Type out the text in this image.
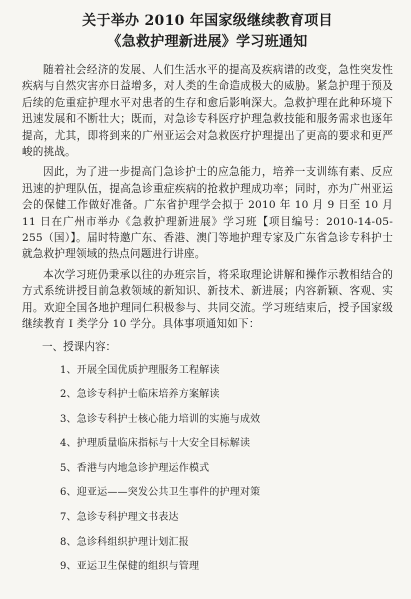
关于举办 2010 年国家级继续教育项目
《急救护理新进展》学习班通知

随着社会经济的发展、人们生活水平的提高及疾病谱的改变，急性突发性疾病与自然灾害亦日益增多，对人类的生命造成极大的威胁。紧急护理于预及后续的危重症护理水平对患者的生存和愈后影响深大。急救护理在此种环境下迅速发展和不断壮大；既而，对急诊专科医疗护理急救技能和服务需求也逐年提高，尤其，即将到来的广州亚运会对急救医疗护理提出了更高的要求和更严峻的挑战。

因此，为了进一步提高门急诊护士的应急能力，培养一支训练有素、反应迅速的护理队伍，提高急诊重症疾病的抢救护理成功率；同时，亦为广州亚运会的保健工作做好准备。广东省护理学会拟于 2010 年 10 月 9 日至 10 月 11 日在广州市举办《急救护理新进展》学习班【项目编号：2010-14-05-255（国）】。届时特邀广东、香港、澳门等地护理专家及广东省急诊专科护士就急救护理领域的热点问题进行讲座。

本次学习班仍秉承以往的办班宗旨，将采取理论讲解和操作示教相结合的方式系统讲授目前急救领域的新知识、新技术、新进展；内容新颖、客观、实用。欢迎全国各地护理同仁积极参与、共同交流。学习班结束后，授予国家级继续教育 I 类学分 10 学分。具体事项通知如下：

一、授课内容：
1、开展全国优质护理服务工程解读
2、急诊专科护士临床培养方案解读
3、急诊专科护士核心能力培训的实施与成效
4、护理质量临床指标与十大安全目标解读
5、香港与内地急诊护理运作模式
6、迎亚运——突发公共卫生事件的护理对策
7、急诊专科护理文书表达
8、急诊科组织护理计划汇报
9、亚运卫生保健的组织与管理
